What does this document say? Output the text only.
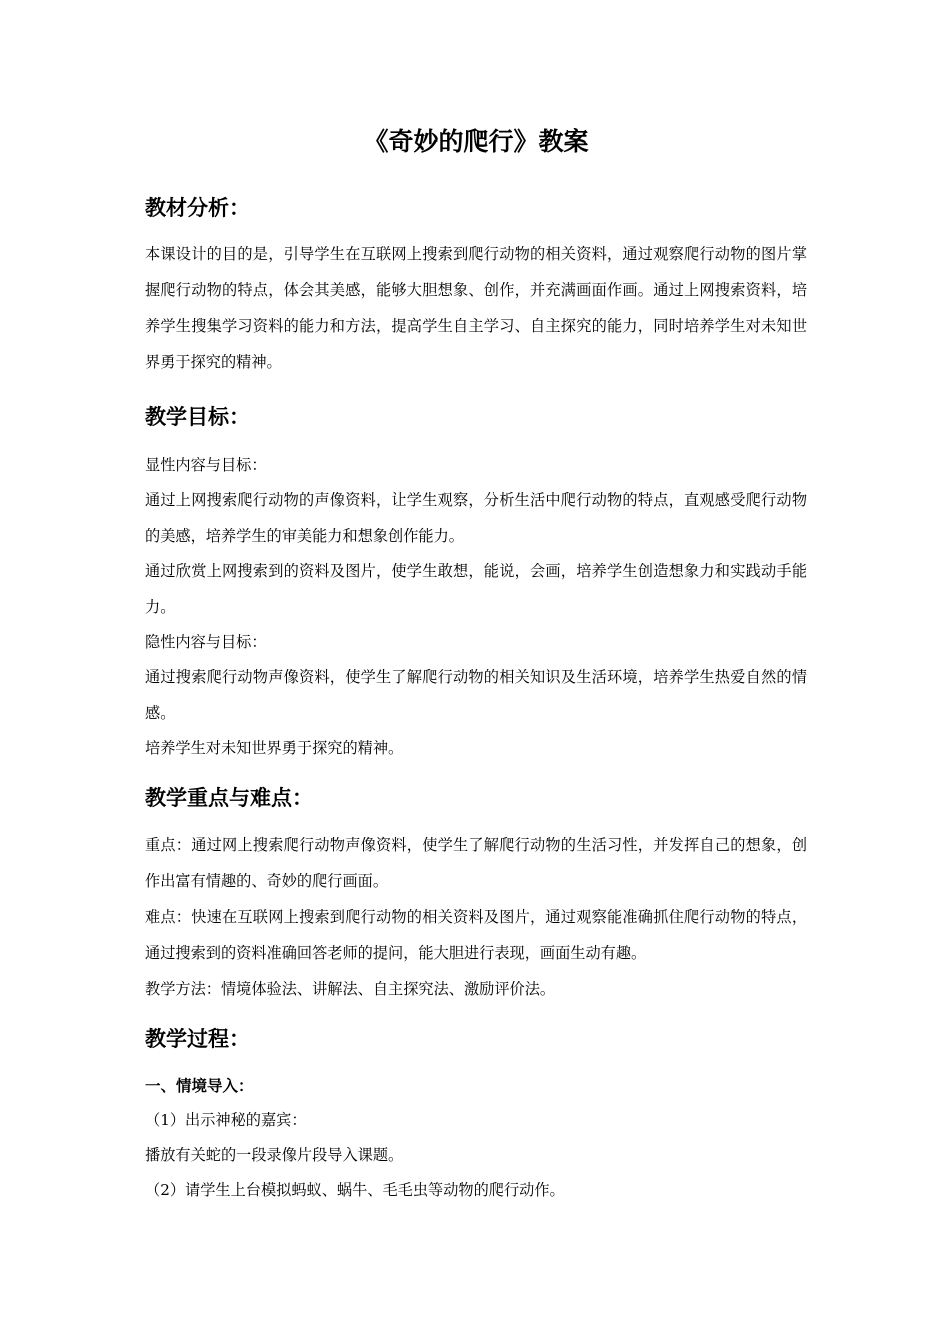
《奇妙的爬行》教案
教材分析：

本课设计的目的是，引导学生在互联网上搜索到爬行动物的相关资料，通过观察爬行动物的图片掌握爬行动物的特点，体会其美感，能够大胆想象、创作，并充满画面作画。通过上网搜索资料，培养学生搜集学习资料的能力和方法，提高学生自主学习、自主探究的能力，同时培养学生对未知世界勇于探究的精神。

教学目标：

显性内容与目标：

通过上网搜索爬行动物的声像资料，让学生观察，分析生活中爬行动物的特点，直观感受爬行动物的美感，培养学生的审美能力和想象创作能力。

通过欣赏上网搜索到的资料及图片，使学生敢想，能说，会画，培养学生创造想象力和实践动手能力。

隐性内容与目标：

通过搜索爬行动物声像资料，使学生了解爬行动物的相关知识及生活环境，培养学生热爱自然的情感。

培养学生对未知世界勇于探究的精神。

教学重点与难点：

重点：通过网上搜索爬行动物声像资料，使学生了解爬行动物的生活习性，并发挥自己的想象，创作出富有情趣的、奇妙的爬行画面。

难点：快速在互联网上搜索到爬行动物的相关资料及图片，通过观察能准确抓住爬行动物的特点，通过搜索到的资料准确回答老师的提问，能大胆进行表现，画面生动有趣。

教学方法：情境体验法、讲解法、自主探究法、激励评价法。

教学过程：
一、情境导入：

（1）出示神秘的嘉宾：

播放有关蛇的一段录像片段导入课题。

（2）请学生上台模拟蚂蚁、蜗牛、毛毛虫等动物的爬行动作。
